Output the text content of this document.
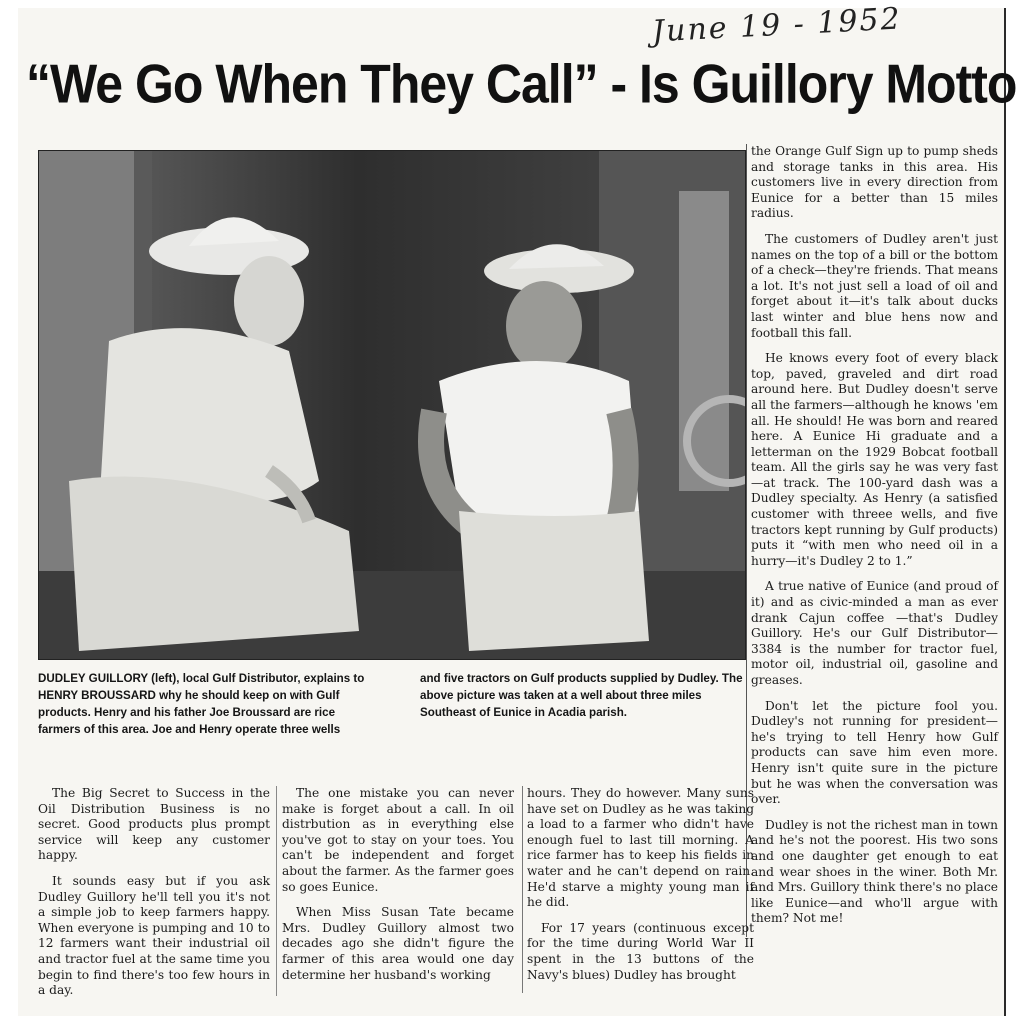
June 19 - 1952
“We Go When They Call” - Is Guillory Motto
DUDLEY GUILLORY (left), local Gulf Distributor, explains to HENRY BROUSSARD why he should keep on with Gulf products. Henry and his father Joe Broussard are rice farmers of this area. Joe and Henry operate three wells
and five tractors on Gulf products supplied by Dudley. The above picture was taken at a well about three miles Southeast of Eunice in Acadia parish.

the Orange Gulf Sign up to pump sheds and storage tanks in this area. His customers live in every direction from Eunice for a better than 15 miles radius.

The customers of Dudley aren't just names on the top of a bill or the bottom of a check—they're friends. That means a lot. It's not just sell a load of oil and forget about it—it's talk about ducks last winter and blue hens now and football this fall.

He knows every foot of every black top, paved, graveled and dirt road around here. But Dudley doesn't serve all the farmers—although he knows 'em all. He should! He was born and reared here. A Eunice Hi graduate and a letterman on the 1929 Bobcat football team. All the girls say he was very fast—at track. The 100-yard dash was a Dudley specialty. As Henry (a satisfied customer with threee wells, and five tractors kept running by Gulf products) puts it “with men who need oil in a hurry—it's Dudley 2 to 1.”

A true native of Eunice (and proud of it) and as civic-minded a man as ever drank Cajun coffee —that's Dudley Guillory. He's our Gulf Distributor—3384 is the number for tractor fuel, motor oil, industrial oil, gasoline and greases.

Don't let the picture fool you. Dudley's not running for president—he's trying to tell Henry how Gulf products can save him even more. Henry isn't quite sure in the picture but he was when the conversation was over.

Dudley is not the richest man in town and he's not the poorest. His two sons and one daughter get enough to eat and wear shoes in the winer. Both Mr. and Mrs. Guillory think there's no place like Eunice—and who'll argue with them? Not me!

The Big Secret to Success in the Oil Distribution Business is no secret. Good products plus prompt service will keep any customer happy.

It sounds easy but if you ask Dudley Guillory he'll tell you it's not a simple job to keep farmers happy. When everyone is pumping and 10 to 12 farmers want their industrial oil and tractor fuel at the same time you begin to find there's too few hours in a day.

The one mistake you can never make is forget about a call. In oil distrbution as in everything else you've got to stay on your toes. You can't be independent and forget about the farmer. As the farmer goes so goes Eunice.

When Miss Susan Tate became Mrs. Dudley Guillory almost two decades ago she didn't figure the farmer of this area would one day determine her husband's working

hours. They do however. Many suns have set on Dudley as he was taking a load to a farmer who didn't have enough fuel to last till morning. A rice farmer has to keep his fields in water and he can't depend on rain. He'd starve a mighty young man if he did.

For 17 years (continuous except for the time during World War II spent in the 13 buttons of the Navy's blues) Dudley has brought
